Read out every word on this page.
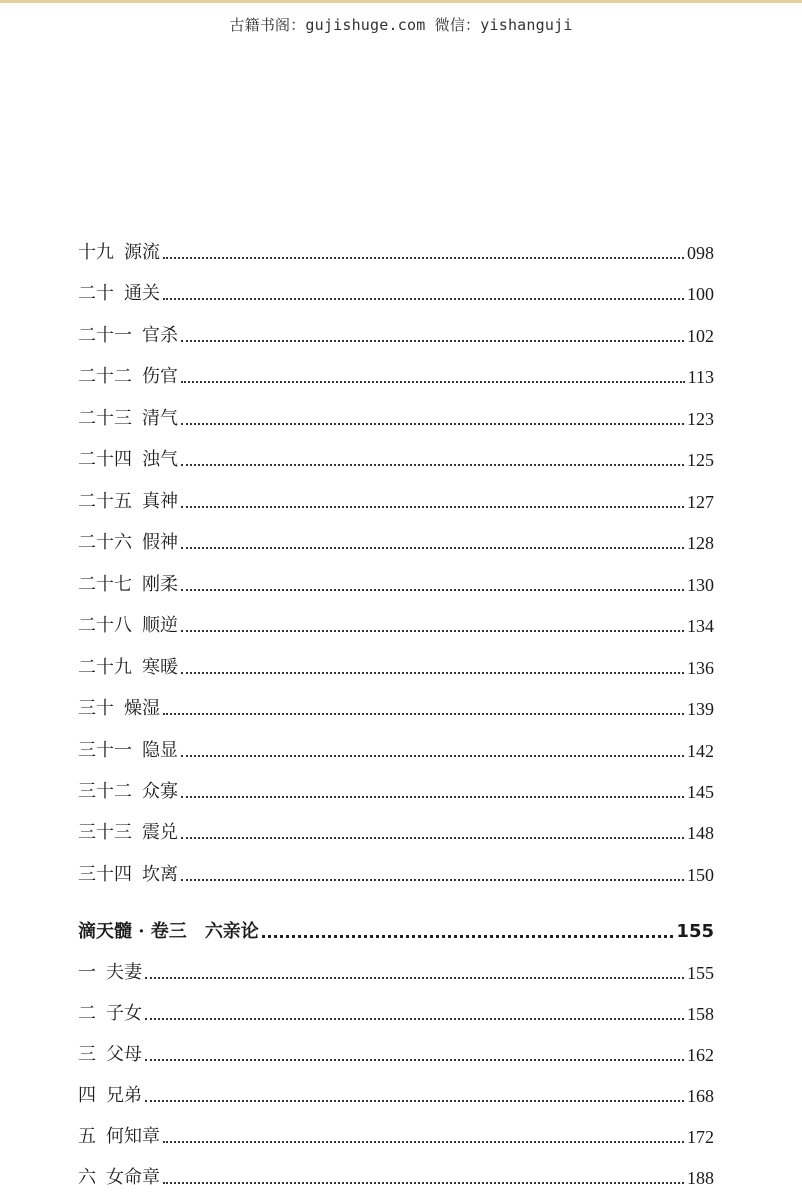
古籍书阁：gujishuge.com 微信：yishanguji
十九 源流	098
二十 通关	100
二十一 官杀	102
二十二 伤官	113
二十三 清气	123
二十四 浊气	125
二十五 真神	127
二十六 假神	128
二十七 刚柔	130
二十八 顺逆	134
二十九 寒暖	136
三十 燥湿	139
三十一 隐显	142
三十二 众寡	145
三十三 震兑	148
三十四 坎离	150
滴天髓 · 卷三 六亲论	155
一 夫妻	155
二 子女	158
三 父母	162
四 兄弟	168
五 何知章	172
六 女命章	188
